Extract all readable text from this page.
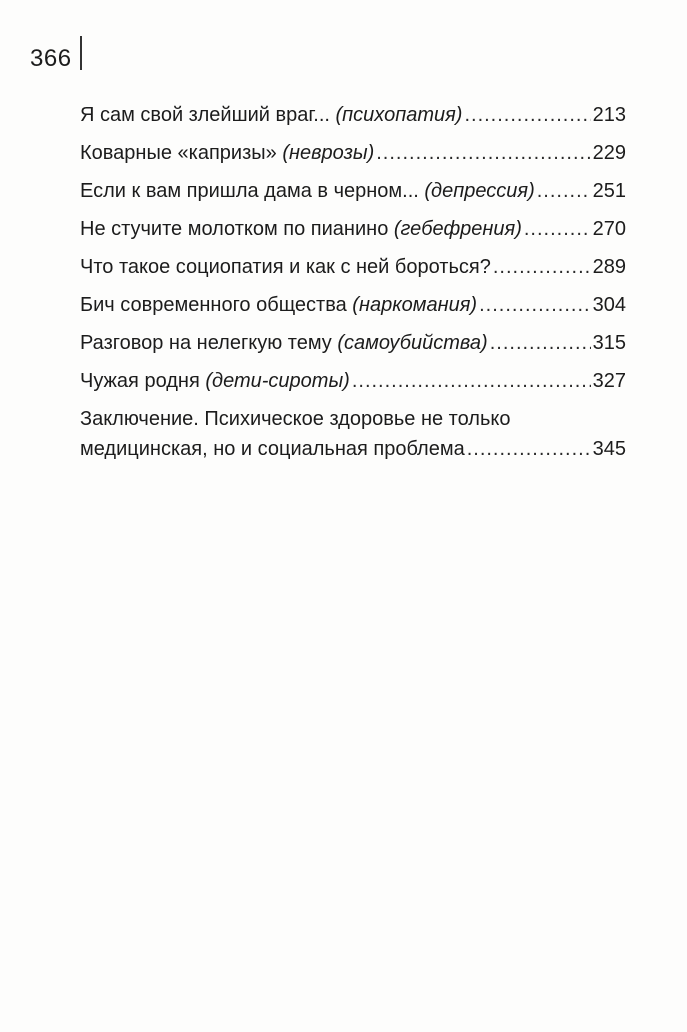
366
Я сам свой злейший враг... (психопатия) .....	213
Коварные «капризы» (неврозы) .....	229
Если к вам пришла дама в черном... (депрессия) .....	251
Не стучите молотком по пианино (гебефрения) .....	270
Что такое социопатия и как с ней бороться? .....	289
Бич современного общества (наркомания) .....	304
Разговор на нелегкую тему (самоубийства) .....	315
Чужая родня (дети-сироты) .....	327
Заключение. Психическое здоровье не только
медицинская, но и социальная проблема .....	345
